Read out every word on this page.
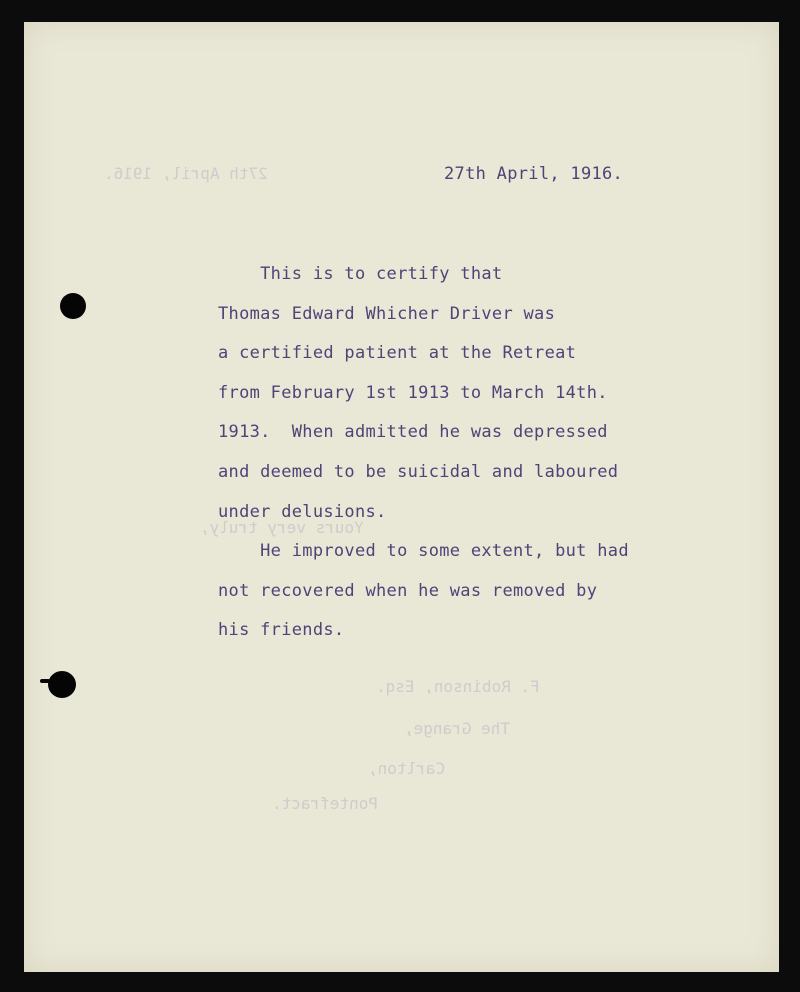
27th April, 1916.
Yours very truly,
F. Robinson, Esq.
The Grange,
Carlton,
Pontefract.
27th April, 1916.
This is to certify that
Thomas Edward Whicher Driver was
a certified patient at the Retreat
from February 1st 1913 to March 14th.
1913.  When admitted he was depressed
and deemed to be suicidal and laboured
under delusions.
He improved to some extent, but had
not recovered when he was removed by
his friends.
